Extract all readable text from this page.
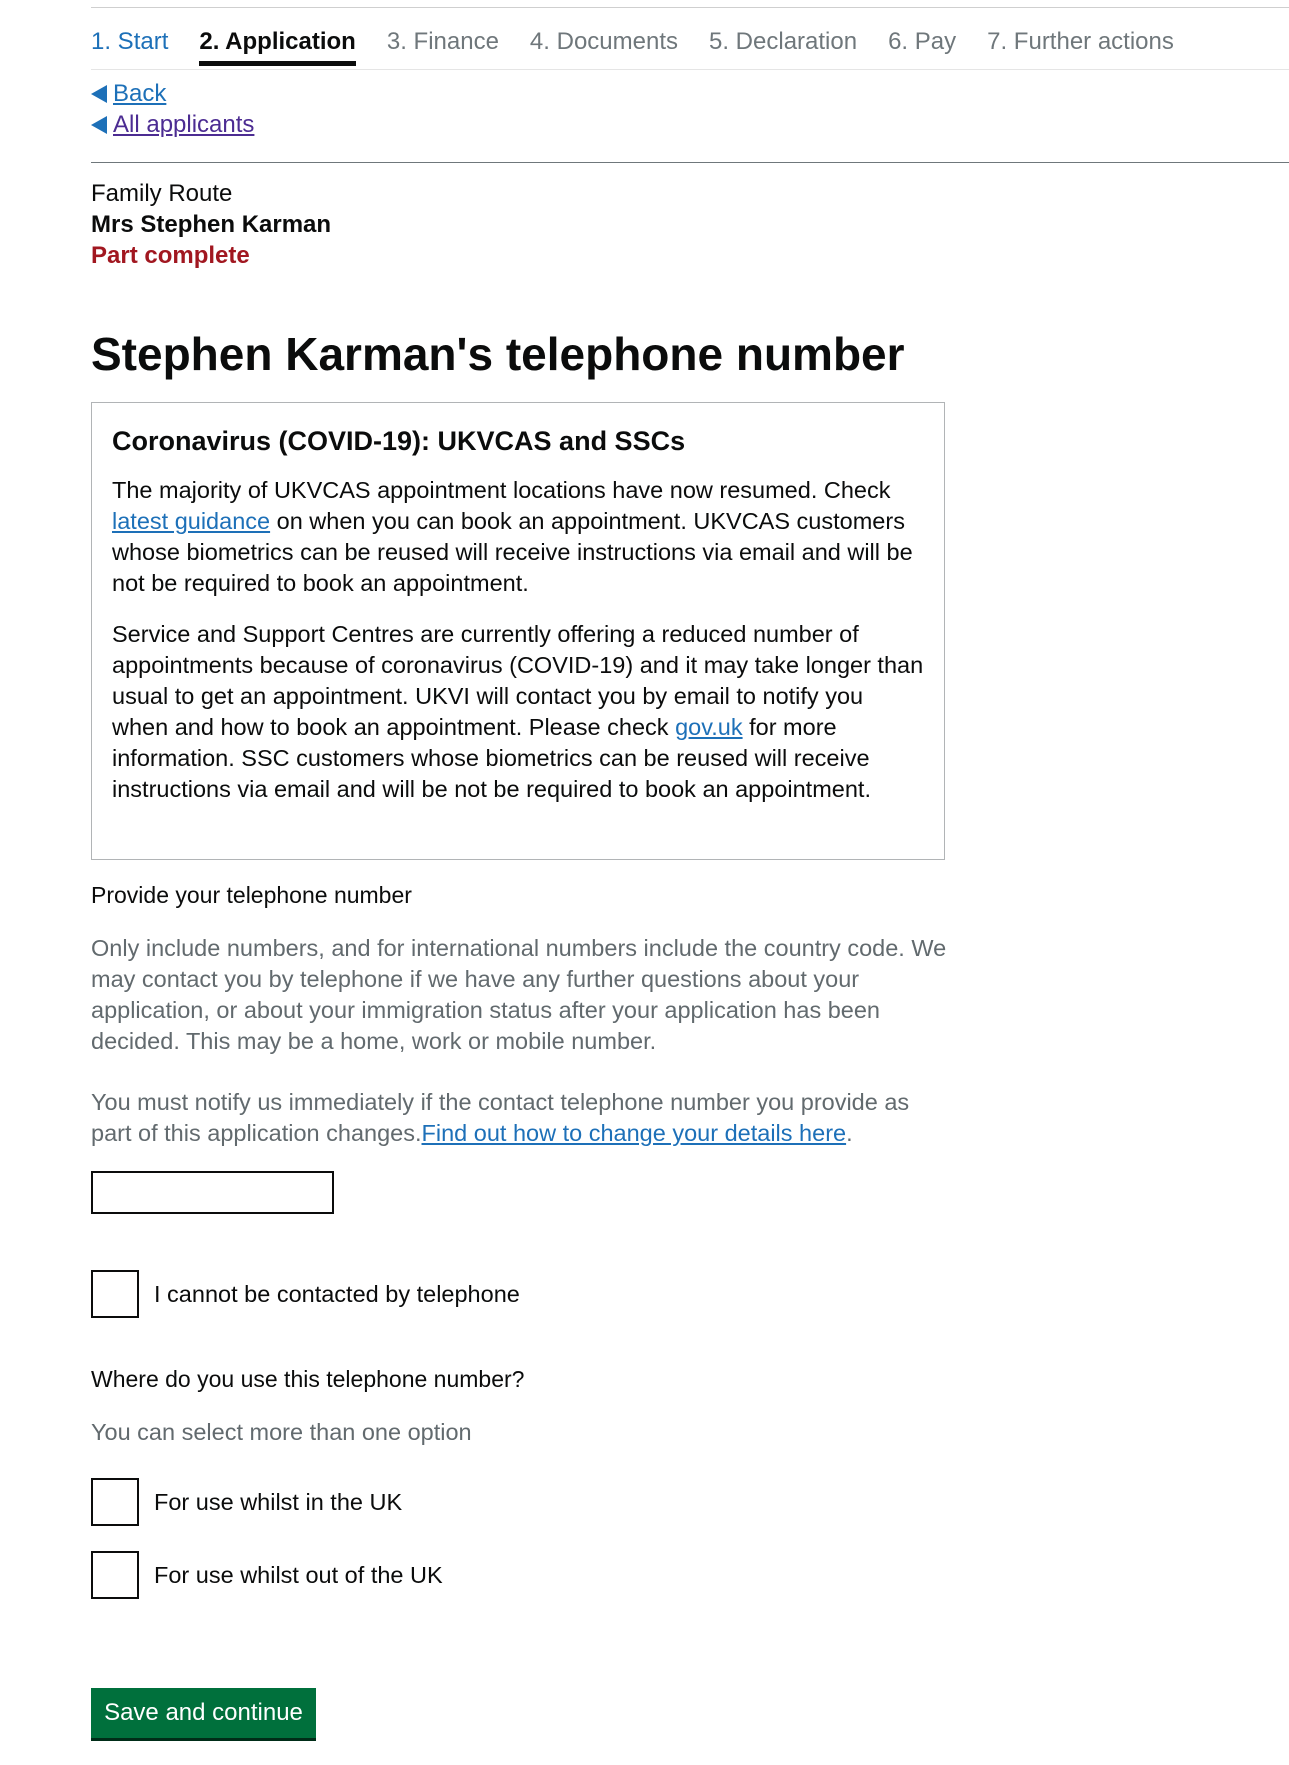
1. Start 2. Application 3. Finance 4. Documents 5. Declaration 6. Pay 7. Further actions
Back
All applicants
Family Route
Mrs Stephen Karman
Part complete
Stephen Karman's telephone number
Coronavirus (COVID-19): UKVCAS and SSCs

The majority of UKVCAS appointment locations have now resumed. Check latest guidance on when you can book an appointment. UKVCAS customers whose biometrics can be reused will receive instructions via email and will be not be required to book an appointment.

Service and Support Centres are currently offering a reduced number of appointments because of coronavirus (COVID-19) and it may take longer than usual to get an appointment. UKVI will contact you by email to notify you when and how to book an appointment. Please check gov.uk for more information. SSC customers whose biometrics can be reused will receive instructions via email and will be not be required to book an appointment.

Provide your telephone number
Only include numbers, and for international numbers include the country code. We may contact you by telephone if we have any further questions about your application, or about your immigration status after your application has been decided. This may be a home, work or mobile number.
You must notify us immediately if the contact telephone number you provide as part of this application changes.Find out how to change your details here.
I cannot be contacted by telephone
Where do you use this telephone number?
You can select more than one option
For use whilst in the UK
For use whilst out of the UK
Save and continue
